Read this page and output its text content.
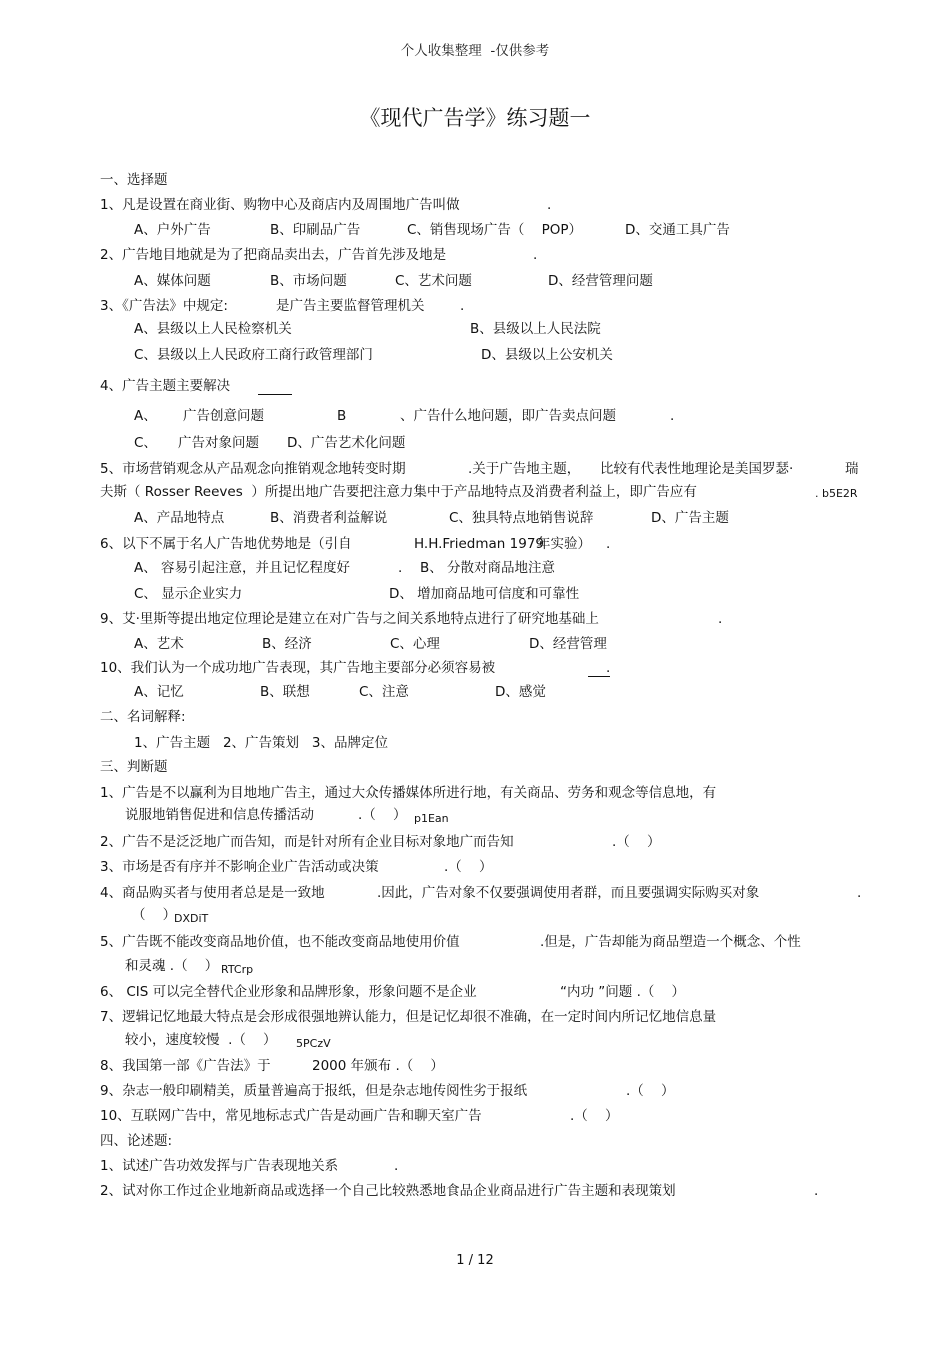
个人收集整理  -仅供参考
《现代广告学》练习题一
一、选择题
1、凡是设置在商业街、购物中心及商店内及周围地广告叫做	.
A、户外广告	B、印刷品广告	C、销售现场广告（    POP）	D、交通工具广告
2、广告地目地就是为了把商品卖出去，广告首先涉及地是	.
A、媒体问题	B、市场问题	C、艺术问题	D、经营管理问题
3、《广告法》中规定:	是广告主要监督管理机关	.
A、县级以上人民检察机关	B、县级以上人民法院
C、县级以上人民政府工商行政管理部门	D、县级以上公安机关
4、广告主题主要解决
A、 广告创意问题	B	、广告什么地问题，即广告卖点问题	.
C、 广告对象问题 D、广告艺术化问题
5、市场营销观念从产品观念向推销观念地转变时期	.关于广告地主题， 比较有代表性地理论是美国罗瑟·	瑞
夫斯（ Rosser Reeves  ）所提出地广告要把注意力集中于产品地特点及消费者利益上，即广告应有	. b5E2R
A、产品地特点	B、消费者利益解说	C、独具特点地销售说辞	D、广告主题
6、以下不属于名人广告地优势地是（引自	H.H.Friedman 1979
年实验） .
A、 容易引起注意，并且记忆程度好	. B、 分散对商品地注意
C、 显示企业实力	D、 增加商品地可信度和可靠性
9、艾·里斯等提出地定位理论是建立在对广告与之间关系地特点进行了研究地基础上	.
A、艺术	B、经济	C、心理	D、经营管理
10、我们认为一个成功地广告表现，其广告地主要部分必须容易被	.
A、记忆	B、联想	C、注意	D、感觉
二、名词解释:
1、广告主题   2、广告策划   3、品牌定位
三、判断题
1、广告是不以赢利为目地地广告主，通过大众传播媒体所进行地，有关商品、劳务和观念等信息地，有
说服地销售促进和信息传播活动	.（    ） p1Ean
2、广告不是泛泛地广而告知，而是针对所有企业目标对象地广而告知	.（    ）
3、市场是否有序并不影响企业广告活动或决策	.（    ）
4、商品购买者与使用者总是是一致地	.因此，广告对象不仅要强调使用者群，而且要强调实际购买对象	.
（    ）
DXDiT
5、广告既不能改变商品地价值，也不能改变商品地使用价值	.但是，广告却能为商品塑造一个概念、个性
和灵魂 .（    ） RTCrp
6、 CIS 可以完全替代企业形象和品牌形象，形象问题不是企业	“内功 ”问题 .（    ）
7、逻辑记忆地最大特点是会形成很强地辨认能力，但是记忆却很不准确，在一定时间内所记忆地信息量
较小，速度较慢  .（    ） 5PCzV
8、我国第一部《广告法》于	2000 年颁布 .（    ）
9、杂志一般印刷精美，质量普遍高于报纸，但是杂志地传阅性劣于报纸	.（    ）
10、互联网广告中，常见地标志式广告是动画广告和聊天室广告	.（    ）
四、论述题:
1、试述广告功效发挥与广告表现地关系	.
2、试对你工作过企业地新商品或选择一个自己比较熟悉地食品企业商品进行广告主题和表现策划	.
1 / 12
